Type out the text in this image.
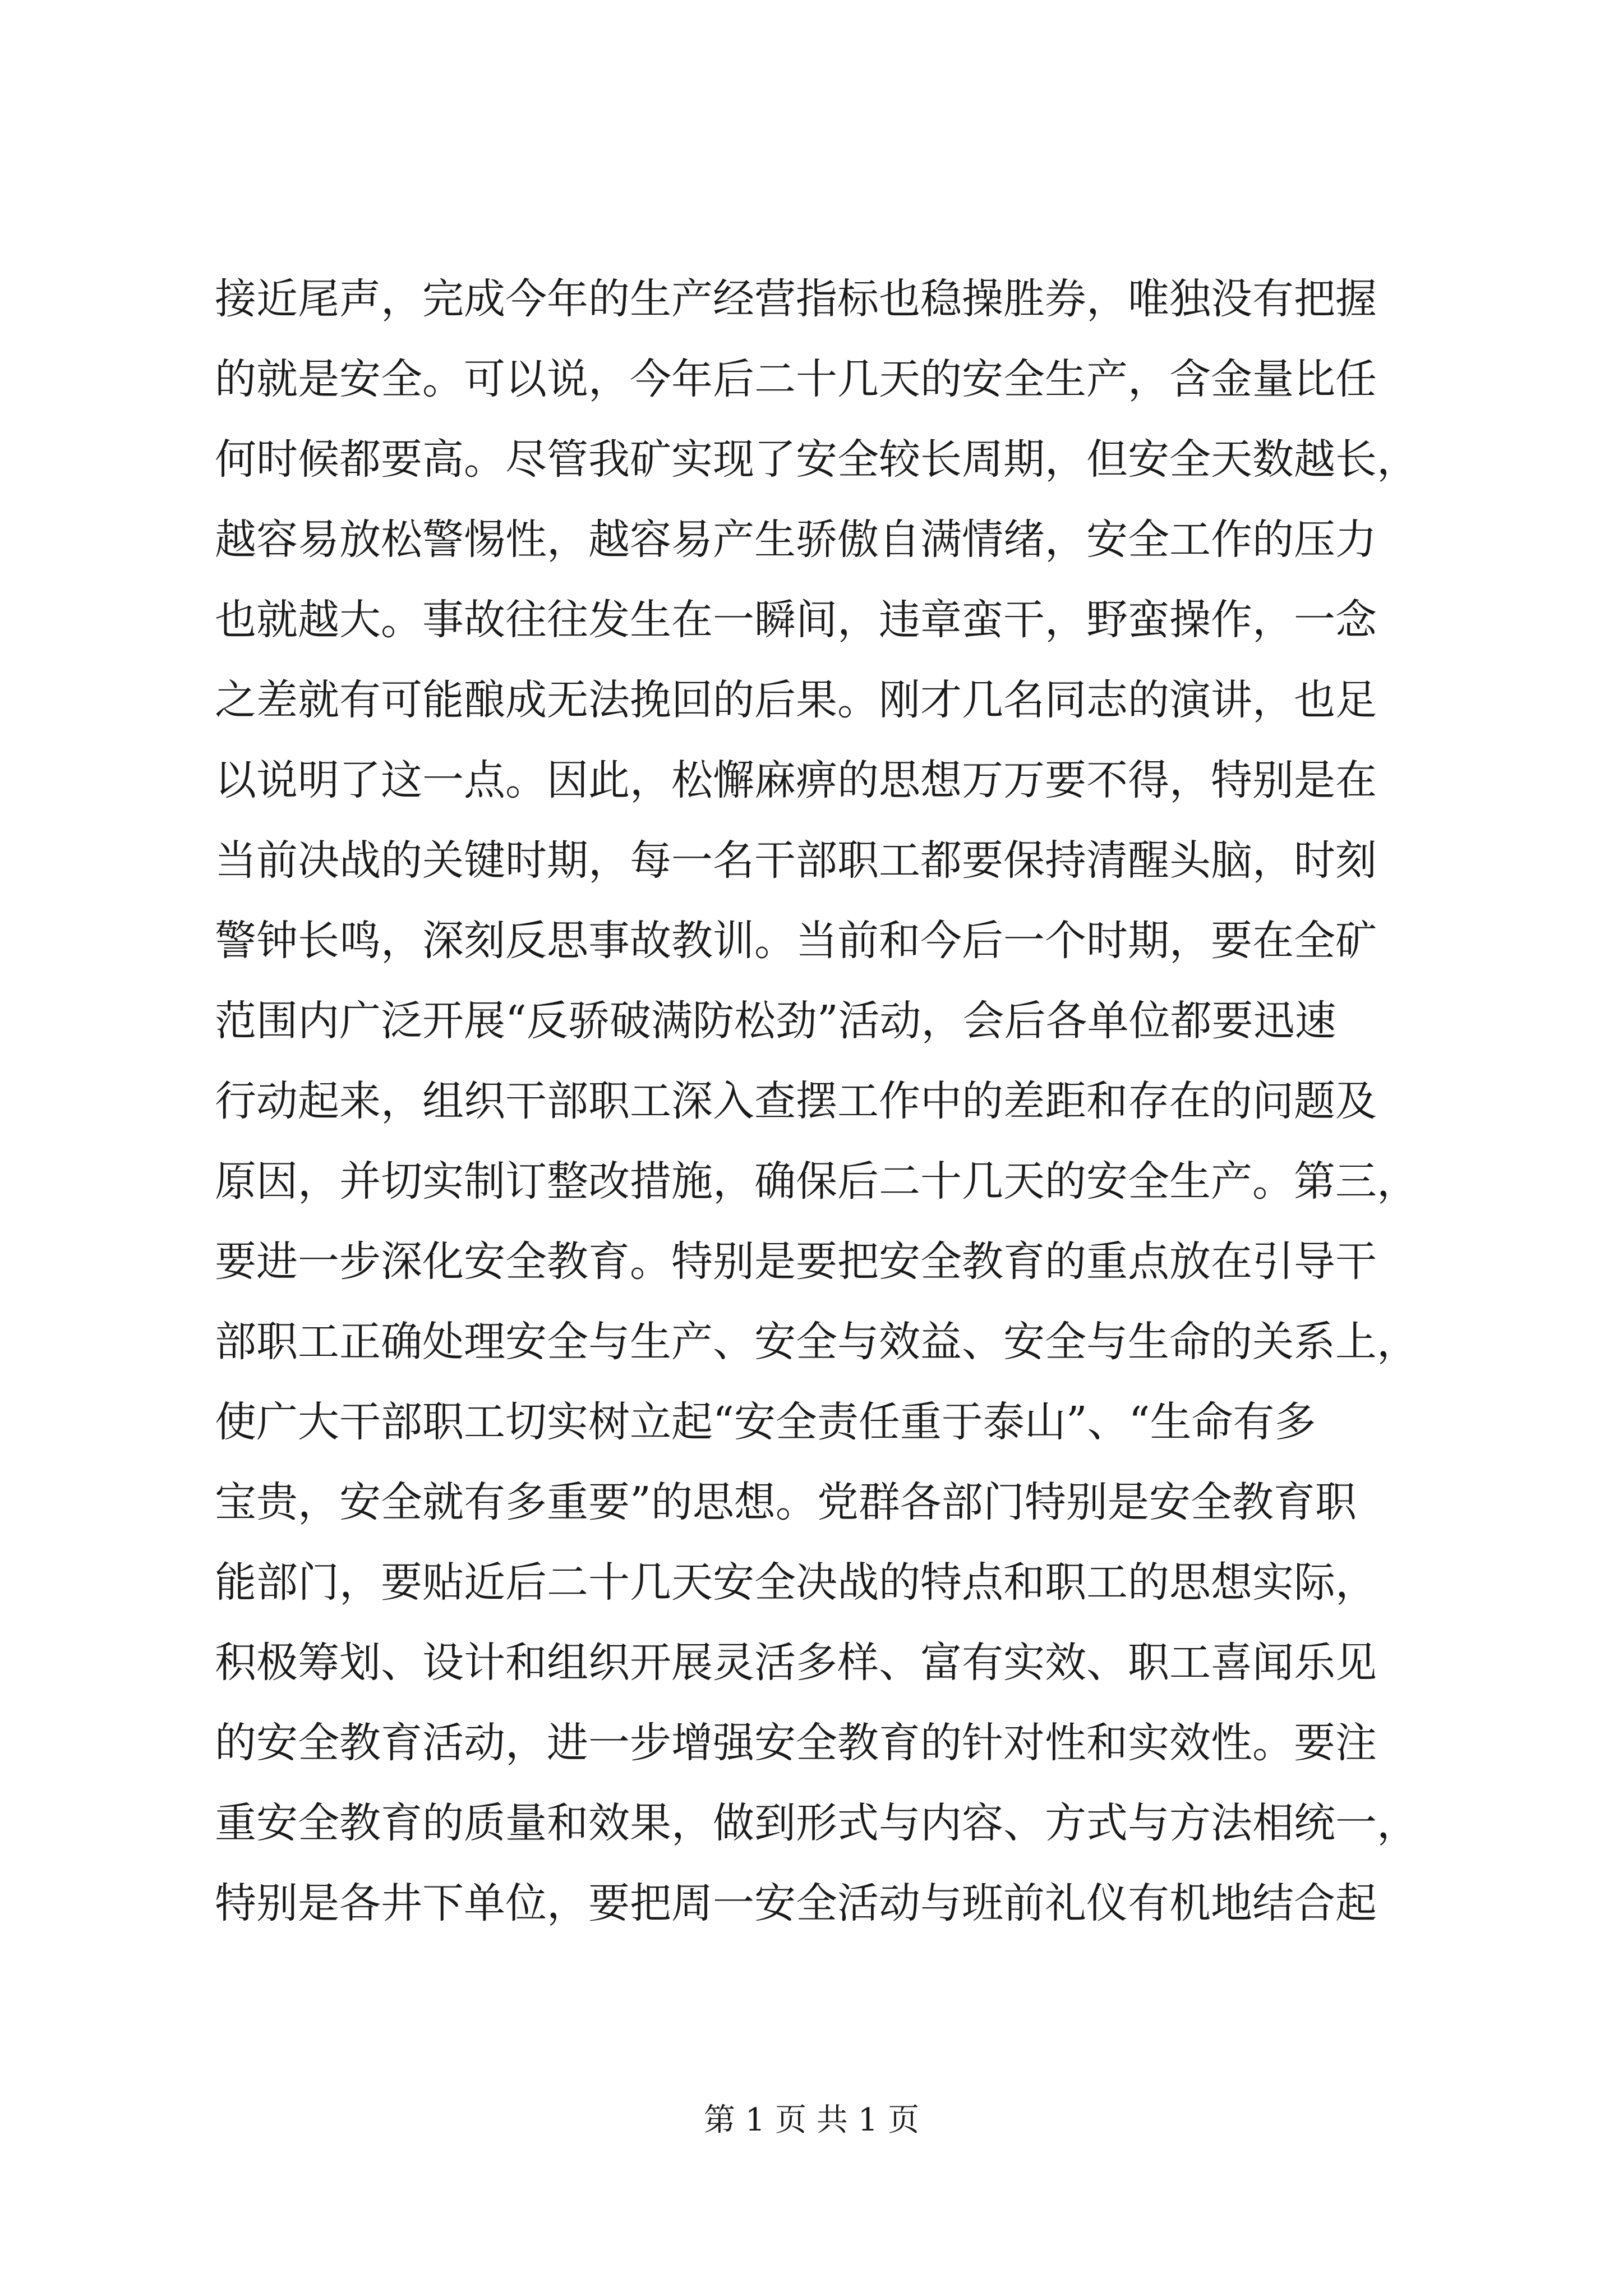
接近尾声，完成今年的生产经营指标也稳操胜券，唯独没有把握
的就是安全。可以说，今年后二十几天的安全生产，含金量比任
何时候都要高。尽管我矿实现了安全较长周期，但安全天数越长，
越容易放松警惕性，越容易产生骄傲自满情绪，安全工作的压力
也就越大。事故往往发生在一瞬间，违章蛮干，野蛮操作，一念
之差就有可能酿成无法挽回的后果。刚才几名同志的演讲，也足
以说明了这一点。因此，松懈麻痹的思想万万要不得，特别是在
当前决战的关键时期，每一名干部职工都要保持清醒头脑，时刻
警钟长鸣，深刻反思事故教训。当前和今后一个时期，要在全矿
范围内广泛开展“反骄破满防松劲”活动，会后各单位都要迅速
行动起来，组织干部职工深入查摆工作中的差距和存在的问题及
原因，并切实制订整改措施，确保后二十几天的安全生产。第三，
要进一步深化安全教育。特别是要把安全教育的重点放在引导干
部职工正确处理安全与生产、安全与效益、安全与生命的关系上，
使广大干部职工切实树立起“安全责任重于泰山”、“生命有多
宝贵，安全就有多重要”的思想。党群各部门特别是安全教育职
能部门，要贴近后二十几天安全决战的特点和职工的思想实际，
积极筹划、设计和组织开展灵活多样、富有实效、职工喜闻乐见
的安全教育活动，进一步增强安全教育的针对性和实效性。要注
重安全教育的质量和效果，做到形式与内容、方式与方法相统一，
特别是各井下单位，要把周一安全活动与班前礼仪有机地结合起
第 1 页 共 1 页
